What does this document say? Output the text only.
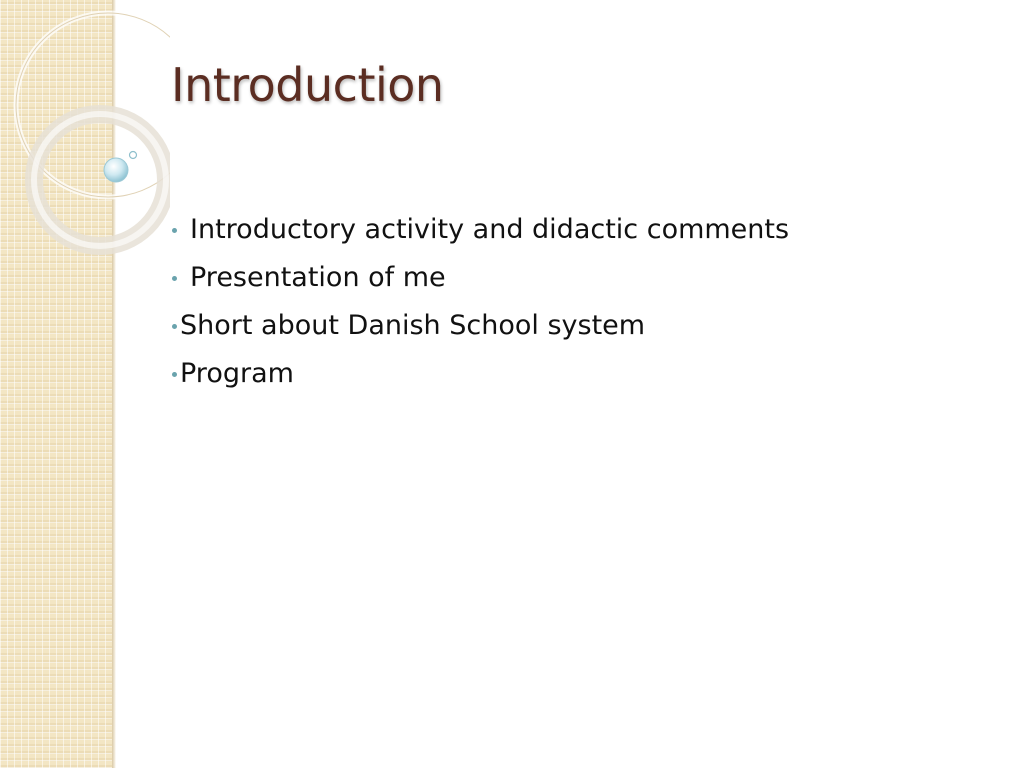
Introduction
Introductory activity and didactic comments
Presentation of me
Short about Danish School system
Program
